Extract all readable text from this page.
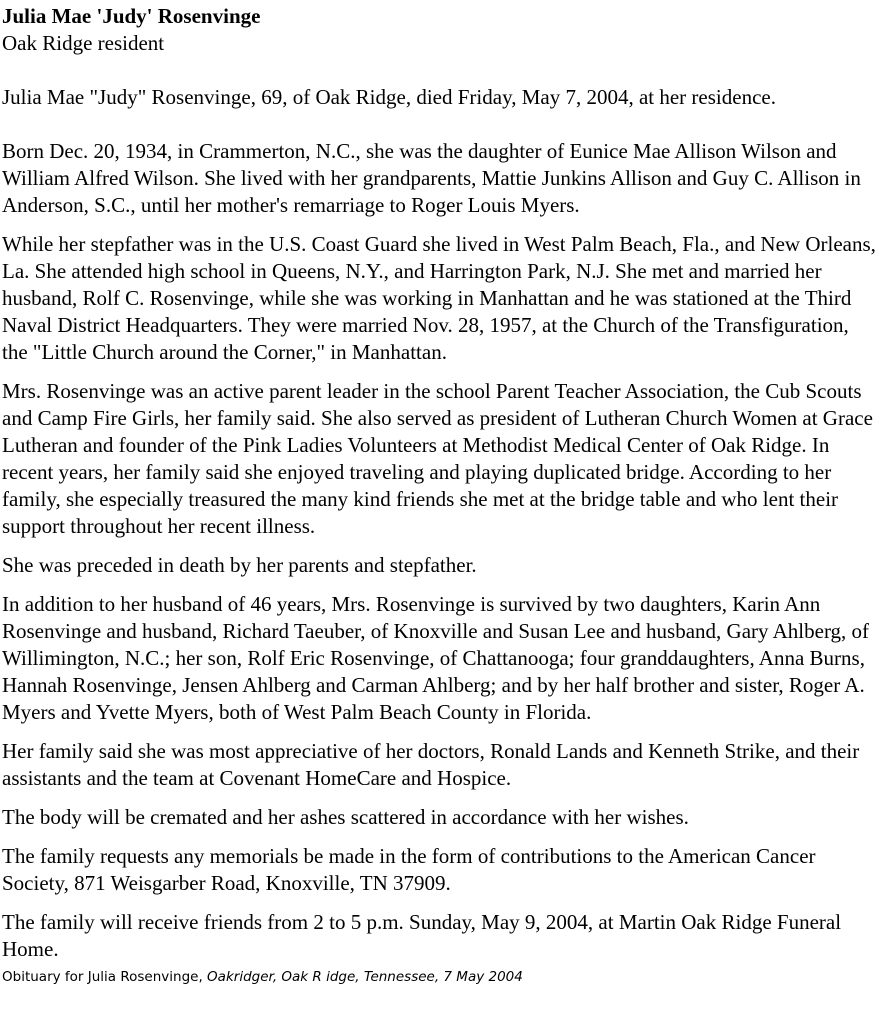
Julia Mae 'Judy' Rosenvinge
Oak Ridge resident

Julia Mae "Judy" Rosenvinge, 69, of Oak Ridge, died Friday, May 7, 2004, at her residence.

Born Dec. 20, 1934, in Crammerton, N.C., she was the daughter of Eunice Mae Allison Wilson and William Alfred Wilson. She lived with her grandparents, Mattie Junkins Allison and Guy C. Allison in Anderson, S.C., until her mother's remarriage to Roger Louis Myers.

While her stepfather was in the U.S. Coast Guard she lived in West Palm Beach, Fla., and New Orleans, La. She attended high school in Queens, N.Y., and Harrington Park, N.J. She met and married her husband, Rolf C. Rosenvinge, while she was working in Manhattan and he was stationed at the Third Naval District Headquarters. They were married Nov. 28, 1957, at the Church of the Transfiguration, the "Little Church around the Corner," in Manhattan.

Mrs. Rosenvinge was an active parent leader in the school Parent Teacher Association, the Cub Scouts and Camp Fire Girls, her family said. She also served as president of Lutheran Church Women at Grace Lutheran and founder of the Pink Ladies Volunteers at Methodist Medical Center of Oak Ridge. In recent years, her family said she enjoyed traveling and playing duplicated bridge. According to her family, she especially treasured the many kind friends she met at the bridge table and who lent their support throughout her recent illness.

She was preceded in death by her parents and stepfather.

In addition to her husband of 46 years, Mrs. Rosenvinge is survived by two daughters, Karin Ann Rosenvinge and husband, Richard Taeuber, of Knoxville and Susan Lee and husband, Gary Ahlberg, of Willimington, N.C.; her son, Rolf Eric Rosenvinge, of Chattanooga; four granddaughters, Anna Burns, Hannah Rosenvinge, Jensen Ahlberg and Carman Ahlberg; and by her half brother and sister, Roger A. Myers and Yvette Myers, both of West Palm Beach County in Florida.

Her family said she was most appreciative of her doctors, Ronald Lands and Kenneth Strike, and their assistants and the team at Covenant HomeCare and Hospice.

The body will be cremated and her ashes scattered in accordance with her wishes.

The family requests any memorials be made in the form of contributions to the American Cancer Society, 871 Weisgarber Road, Knoxville, TN 37909.

The family will receive friends from 2 to 5 p.m. Sunday, May 9, 2004, at Martin Oak Ridge Funeral Home.

Obituary for Julia Rosenvinge, Oakridger, Oak R idge, Tennessee, 7 May 2004
